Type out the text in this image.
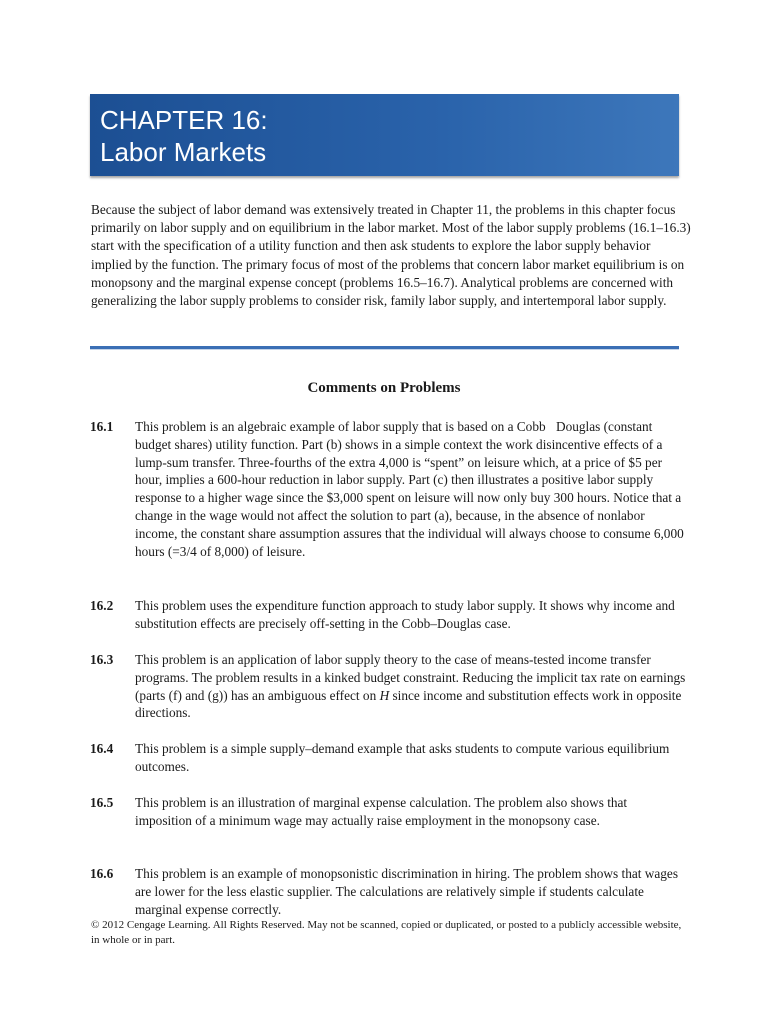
CHAPTER 16:
Labor Markets

Because the subject of labor demand was extensively treated in Chapter 11, the problems in this chapter focus primarily on labor supply and on equilibrium in the labor market. Most of the labor supply problems (16.1–16.3) start with the specification of a utility function and then ask students to explore the labor supply behavior implied by the function. The primary focus of most of the problems that concern labor market equilibrium is on monopsony and the marginal expense concept (problems 16.5–16.7). Analytical problems are concerned with generalizing the labor supply problems to consider risk, family labor supply, and intertemporal labor supply.

Comments on Problems
16.1	This problem is an algebraic example of labor supply that is based on a Cobb Douglas (constant budget shares) utility function. Part (b) shows in a simple context the work disincentive effects of a lump-sum transfer. Three-fourths of the extra 4,000 is “spent” on leisure which, at a price of $5 per hour, implies a 600-hour reduction in labor supply. Part (c) then illustrates a positive labor supply response to a higher wage since the $3,000 spent on leisure will now only buy 300 hours. Notice that a change in the wage would not affect the solution to part (a), because, in the absence of nonlabor income, the constant share assumption assures that the individual will always choose to consume 6,000 hours (=3/4 of 8,000) of leisure.

16.2	This problem uses the expenditure function approach to study labor supply. It shows why income and substitution effects are precisely off-setting in the Cobb–Douglas case.

16.3	This problem is an application of labor supply theory to the case of means-tested income transfer programs. The problem results in a kinked budget constraint. Reducing the implicit tax rate on earnings (parts (f) and (g)) has an ambiguous effect on H since income and substitution effects work in opposite directions.

16.4	This problem is a simple supply–demand example that asks students to compute various equilibrium outcomes.

16.5	This problem is an illustration of marginal expense calculation. The problem also shows that imposition of a minimum wage may actually raise employment in the monopsony case.

16.6	This problem is an example of monopsonistic discrimination in hiring. The problem shows that wages are lower for the less elastic supplier. The calculations are relatively simple if students calculate marginal expense correctly.

© 2012 Cengage Learning. All Rights Reserved. May not be scanned, copied or duplicated, or posted to a publicly accessible website, in whole or in part.
